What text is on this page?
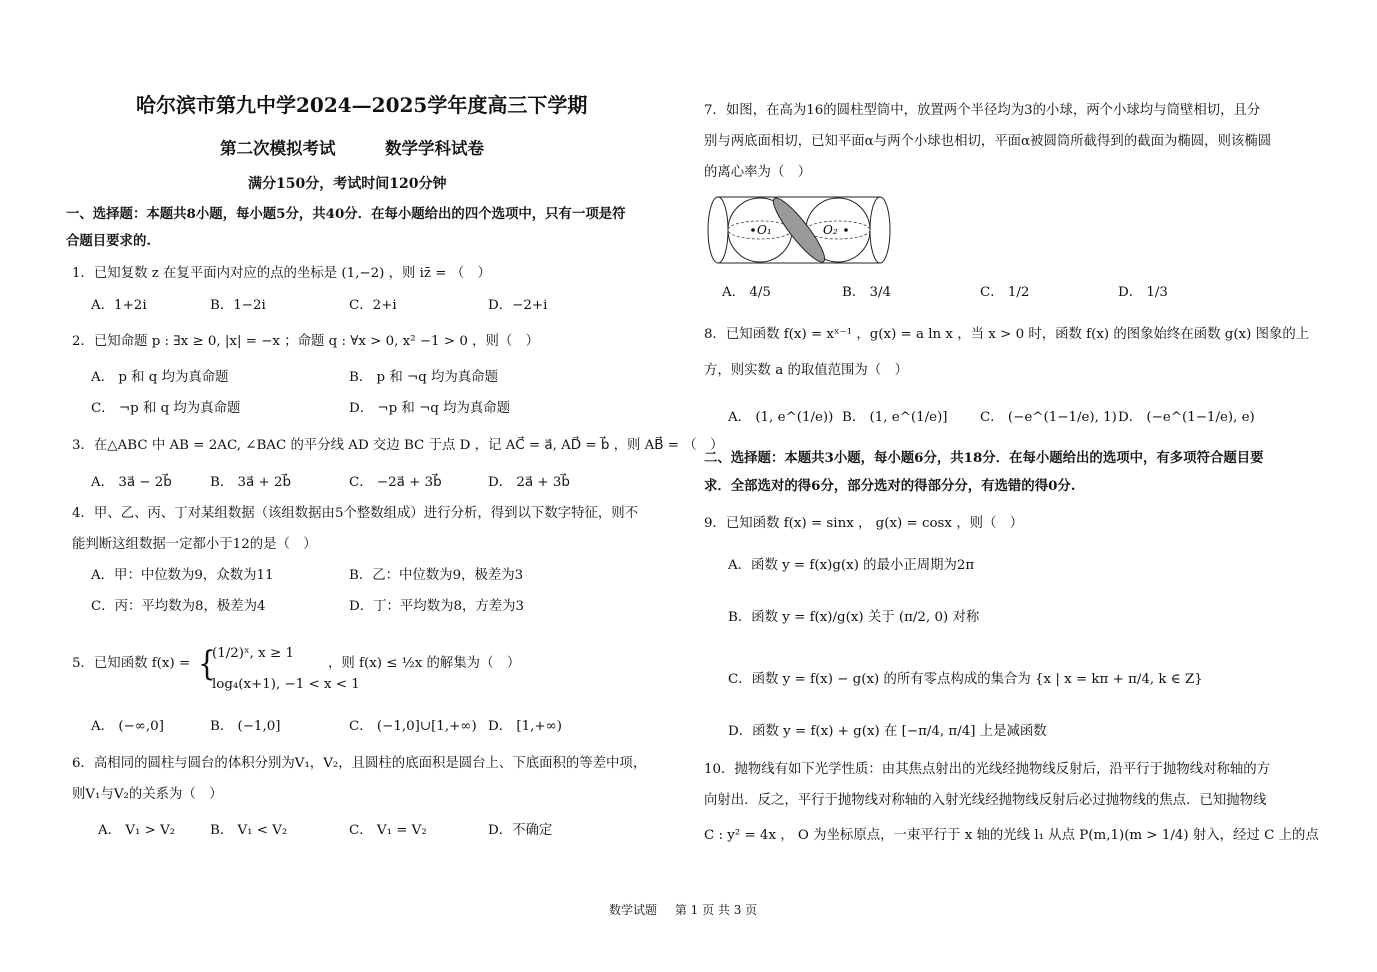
哈尔滨市第九中学2024—2025学年度高三下学期
第二次模拟考试　　　数学学科试卷
满分150分，考试时间120分钟
一、选择题：本题共8小题，每小题5分，共40分．在每小题给出的四个选项中，只有一项是符
合题目要求的.
1．已知复数 z 在复平面内对应的点的坐标是 (1,−2) ，则 iz̄ = （　）
A．1+2i	B．1−2i	C．2+i	D．−2+i
2．已知命题 p : ∃x ≥ 0, |x| = −x ；命题 q : ∀x > 0, x² −1 > 0 ，则（　）
A． p 和 q 均为真命题	B． p 和 ¬q 均为真命题
C． ¬p 和 q 均为真命题	D． ¬p 和 ¬q 均为真命题
3．在△ABC 中 AB = 2AC, ∠BAC 的平分线 AD 交边 BC 于点 D ，记 AC⃗ = a⃗, AD⃗ = b⃗ ，则 AB⃗ = （　）
A． 3a⃗ − 2b⃗	B． 3a⃗ + 2b⃗	C． −2a⃗ + 3b⃗	D． 2a⃗ + 3b⃗
4．甲、乙、丙、丁对某组数据（该组数据由5个整数组成）进行分析，得到以下数字特征，则不
能判断这组数据一定都小于12的是（　）
A．甲：中位数为9，众数为11	B．乙：中位数为9，极差为3
C．丙：平均数为8，极差为4	D．丁：平均数为8，方差为3
5．已知函数 f(x) = {
(1/2)ˣ, x ≥ 1
log₄(x+1), −1 < x < 1
，则 f(x) ≤ ½x 的解集为（　）
A． (−∞,0]	B． (−1,0]	C． (−1,0]∪[1,+∞) D． [1,+∞)
6．高相同的圆柱与圆台的体积分别为V₁，V₂，且圆柱的底面积是圆台上、下底面积的等差中项，
则V₁与V₂的关系为（　）
A． V₁ > V₂	B． V₁ < V₂	C． V₁ = V₂	D．不确定
7．如图，在高为16的圆柱型筒中，放置两个半径均为3的小球，两个小球均与筒壁相切，且分
别与两底面相切，已知平面α与两个小球也相切，平面α被圆筒所截得到的截面为椭圆，则该椭圆
的离心率为（　）
O₁	O₂
A． 4/5	B． 3/4	C． 1/2	D． 1/3
8．已知函数 f(x) = xˣ⁻¹ ，g(x) = a ln x ，当 x > 0 时，函数 f(x) 的图象始终在函数 g(x) 图象的上
方，则实数 a 的取值范围为（　）
A． (1, e^(1/e)) B． (1, e^(1/e)] C． (−e^(1−1/e), 1) D． (−e^(1−1/e), e)
二、选择题：本题共3小题，每小题6分，共18分．在每小题给出的选项中，有多项符合题目要
求．全部选对的得6分，部分选对的得部分分，有选错的得0分.
9．已知函数 f(x) = sinx ， g(x) = cosx ，则（　）
A．函数 y = f(x)g(x) 的最小正周期为2π
B．函数 y = f(x)/g(x) 关于 (π/2, 0) 对称
C．函数 y = f(x) − g(x) 的所有零点构成的集合为 {x | x = kπ + π/4, k ∈ Z}
D．函数 y = f(x) + g(x) 在 [−π/4, π/4] 上是减函数
10．抛物线有如下光学性质：由其焦点射出的光线经抛物线反射后，沿平行于抛物线对称轴的方
向射出．反之，平行于抛物线对称轴的入射光线经抛物线反射后必过抛物线的焦点．已知抛物线
C : y² = 4x ， O 为坐标原点，一束平行于 x 轴的光线 l₁ 从点 P(m,1)(m > 1/4) 射入，经过 C 上的点
数学试题 第 1 页 共 3 页
